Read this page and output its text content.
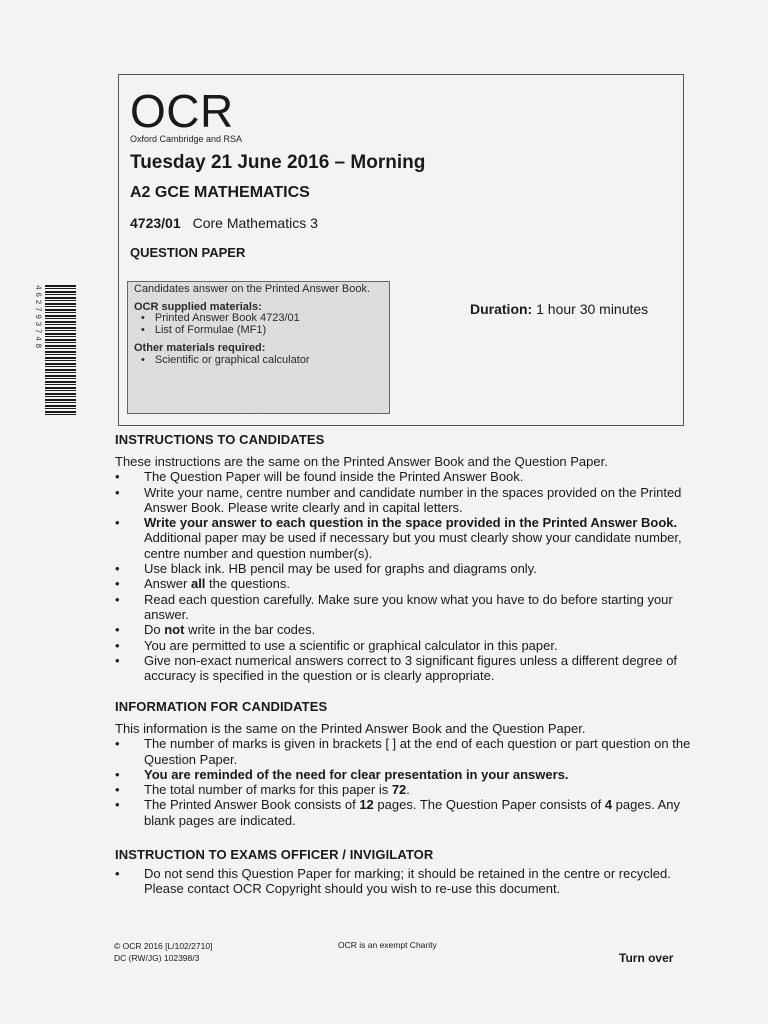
OCR
Oxford Cambridge and RSA
Tuesday 21 June 2016 – Morning
A2 GCE MATHEMATICS
4723/01 Core Mathematics 3
QUESTION PAPER
Candidates answer on the Printed Answer Book.
OCR supplied materials:
• Printed Answer Book 4723/01
• List of Formulae (MF1)
Other materials required:
• Scientific or graphical calculator
Duration: 1 hour 30 minutes
462793748
INSTRUCTIONS TO CANDIDATES

These instructions are the same on the Printed Answer Book and the Question Paper.

• The Question Paper will be found inside the Printed Answer Book.
• Write your name, centre number and candidate number in the spaces provided on the Printed Answer Book. Please write clearly and in capital letters.
• Write your answer to each question in the space provided in the Printed Answer Book. Additional paper may be used if necessary but you must clearly show your candidate number, centre number and question number(s).
• Use black ink. HB pencil may be used for graphs and diagrams only.
• Answer all the questions.
• Read each question carefully. Make sure you know what you have to do before starting your answer.
• Do not write in the bar codes.
• You are permitted to use a scientific or graphical calculator in this paper.
• Give non-exact numerical answers correct to 3 significant figures unless a different degree of accuracy is specified in the question or is clearly appropriate.
INFORMATION FOR CANDIDATES

This information is the same on the Printed Answer Book and the Question Paper.

• The number of marks is given in brackets [ ] at the end of each question or part question on the Question Paper.
• You are reminded of the need for clear presentation in your answers.
• The total number of marks for this paper is 72.
• The Printed Answer Book consists of 12 pages. The Question Paper consists of 4 pages. Any blank pages are indicated.
INSTRUCTION TO EXAMS OFFICER / INVIGILATOR
• Do not send this Question Paper for marking; it should be retained in the centre or recycled. Please contact OCR Copyright should you wish to re-use this document.
© OCR 2016 [L/102/2710]
DC (RW/JG) 102398/3
OCR is an exempt Charity
Turn over
